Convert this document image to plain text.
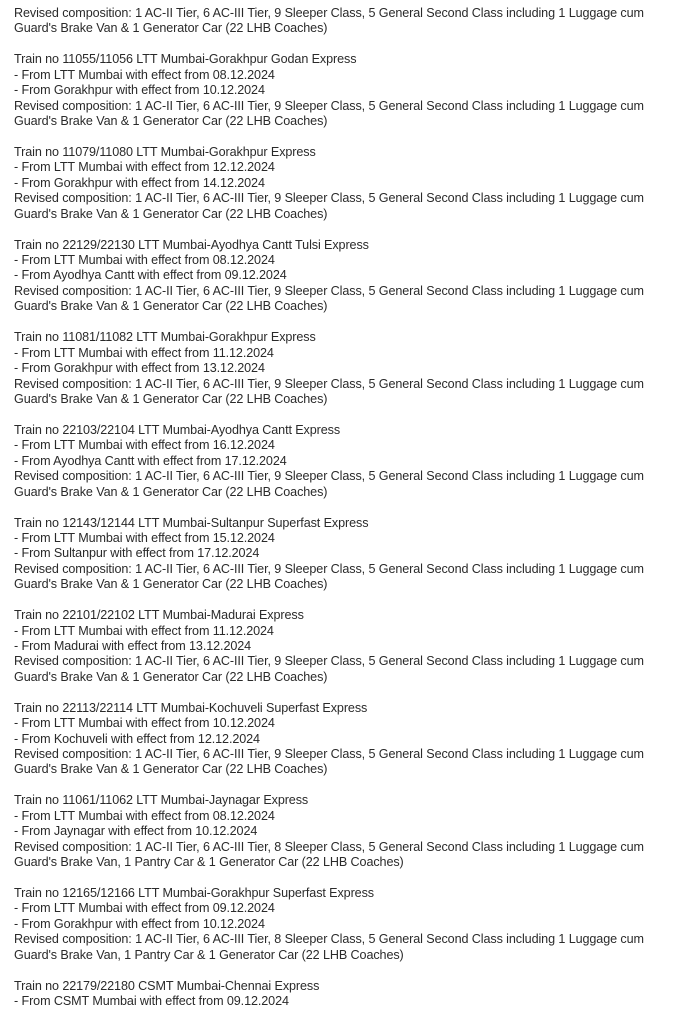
Revised composition: 1 AC-II Tier, 6 AC-III Tier, 9 Sleeper Class, 5 General Second Class including 1 Luggage cum
Guard's Brake Van & 1 Generator Car (22 LHB Coaches)
Train no 11055/11056 LTT Mumbai-Gorakhpur Godan Express
- From LTT Mumbai with effect from 08.12.2024
- From Gorakhpur with effect from 10.12.2024
Revised composition: 1 AC-II Tier, 6 AC-III Tier, 9 Sleeper Class, 5 General Second Class including 1 Luggage cum
Guard's Brake Van & 1 Generator Car (22 LHB Coaches)
Train no 11079/11080 LTT Mumbai-Gorakhpur Express
- From LTT Mumbai with effect from 12.12.2024
- From Gorakhpur with effect from 14.12.2024
Revised composition: 1 AC-II Tier, 6 AC-III Tier, 9 Sleeper Class, 5 General Second Class including 1 Luggage cum
Guard's Brake Van & 1 Generator Car (22 LHB Coaches)
Train no 22129/22130 LTT Mumbai-Ayodhya Cantt Tulsi Express
- From LTT Mumbai with effect from 08.12.2024
- From Ayodhya Cantt with effect from 09.12.2024
Revised composition: 1 AC-II Tier, 6 AC-III Tier, 9 Sleeper Class, 5 General Second Class including 1 Luggage cum
Guard's Brake Van & 1 Generator Car (22 LHB Coaches)
Train no 11081/11082 LTT Mumbai-Gorakhpur Express
- From LTT Mumbai with effect from 11.12.2024
- From Gorakhpur with effect from 13.12.2024
Revised composition: 1 AC-II Tier, 6 AC-III Tier, 9 Sleeper Class, 5 General Second Class including 1 Luggage cum
Guard's Brake Van & 1 Generator Car (22 LHB Coaches)
Train no 22103/22104 LTT Mumbai-Ayodhya Cantt Express
- From LTT Mumbai with effect from 16.12.2024
- From Ayodhya Cantt with effect from 17.12.2024
Revised composition: 1 AC-II Tier, 6 AC-III Tier, 9 Sleeper Class, 5 General Second Class including 1 Luggage cum
Guard's Brake Van & 1 Generator Car (22 LHB Coaches)
Train no 12143/12144 LTT Mumbai-Sultanpur Superfast Express
- From LTT Mumbai with effect from 15.12.2024
- From Sultanpur with effect from 17.12.2024
Revised composition: 1 AC-II Tier, 6 AC-III Tier, 9 Sleeper Class, 5 General Second Class including 1 Luggage cum
Guard's Brake Van & 1 Generator Car (22 LHB Coaches)
Train no 22101/22102 LTT Mumbai-Madurai Express
- From LTT Mumbai with effect from 11.12.2024
- From Madurai with effect from 13.12.2024
Revised composition: 1 AC-II Tier, 6 AC-III Tier, 9 Sleeper Class, 5 General Second Class including 1 Luggage cum
Guard's Brake Van & 1 Generator Car (22 LHB Coaches)
Train no 22113/22114 LTT Mumbai-Kochuveli Superfast Express
- From LTT Mumbai with effect from 10.12.2024
- From Kochuveli with effect from 12.12.2024
Revised composition: 1 AC-II Tier, 6 AC-III Tier, 9 Sleeper Class, 5 General Second Class including 1 Luggage cum
Guard's Brake Van & 1 Generator Car (22 LHB Coaches)
Train no 11061/11062 LTT Mumbai-Jaynagar Express
- From LTT Mumbai with effect from 08.12.2024
- From Jaynagar with effect from 10.12.2024
Revised composition: 1 AC-II Tier, 6 AC-III Tier, 8 Sleeper Class, 5 General Second Class including 1 Luggage cum
Guard's Brake Van, 1 Pantry Car & 1 Generator Car (22 LHB Coaches)
Train no 12165/12166 LTT Mumbai-Gorakhpur Superfast Express
- From LTT Mumbai with effect from 09.12.2024
- From Gorakhpur with effect from 10.12.2024
Revised composition: 1 AC-II Tier, 6 AC-III Tier, 8 Sleeper Class, 5 General Second Class including 1 Luggage cum
Guard's Brake Van, 1 Pantry Car & 1 Generator Car (22 LHB Coaches)
Train no 22179/22180 CSMT Mumbai-Chennai Express
- From CSMT Mumbai with effect from 09.12.2024
